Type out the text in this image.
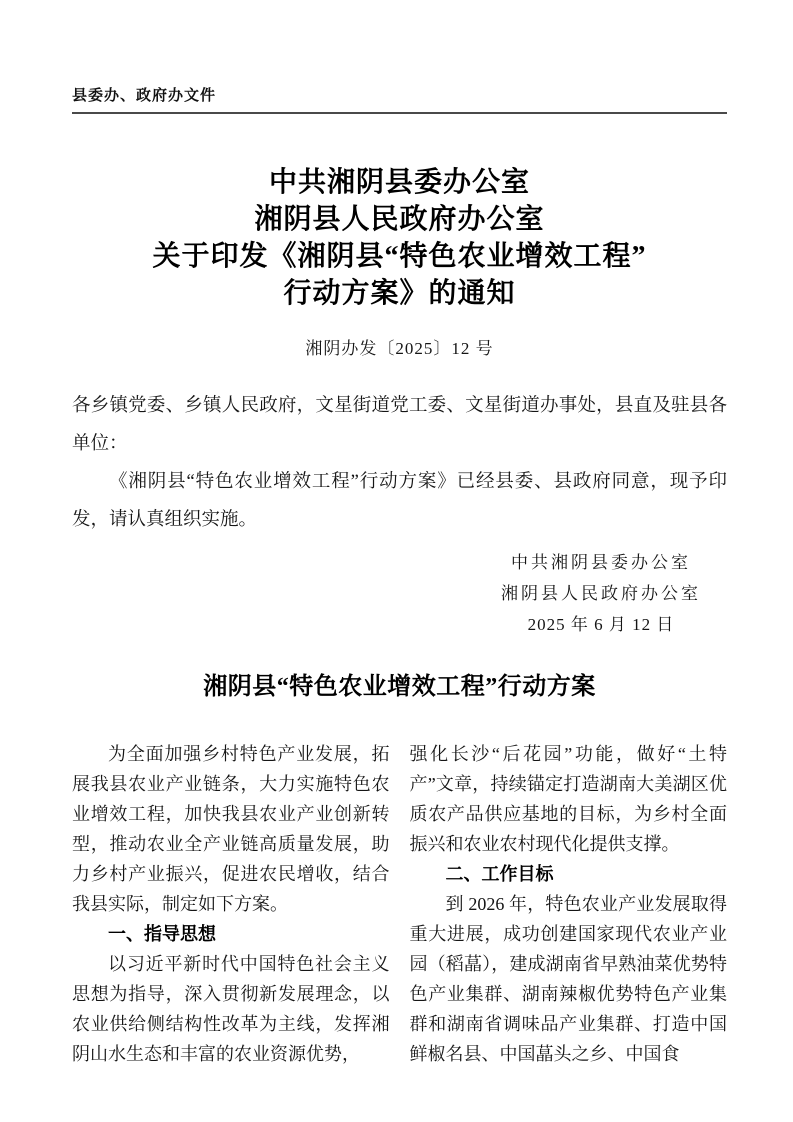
县委办、政府办文件
中共湘阴县委办公室
湘阴县人民政府办公室
关于印发《湘阴县“特色农业增效工程”
行动方案》的通知
湘阴办发〔2025〕12 号

各乡镇党委、乡镇人民政府，文星街道党工委、文星街道办事处，县直及驻县各单位：

《湘阴县“特色农业增效工程”行动方案》已经县委、县政府同意，现予印发，请认真组织实施。

中共湘阴县委办公室
湘阴县人民政府办公室
2025 年 6 月 12 日
湘阴县“特色农业增效工程”行动方案

为全面加强乡村特色产业发展，拓展我县农业产业链条，大力实施特色农业增效工程，加快我县农业产业创新转型，推动农业全产业链高质量发展，助力乡村产业振兴，促进农民增收，结合我县实际，制定如下方案。

一、指导思想

以习近平新时代中国特色社会主义思想为指导，深入贯彻新发展理念，以农业供给侧结构性改革为主线，发挥湘阴山水生态和丰富的农业资源优势，

强化长沙“后花园”功能，做好“土特产”文章，持续锚定打造湖南大美湖区优质农产品供应基地的目标，为乡村全面振兴和农业农村现代化提供支撑。

二、工作目标

到 2026 年，特色农业产业发展取得重大进展，成功创建国家现代农业产业园（稻蕌），建成湖南省早熟油菜优势特色产业集群、湖南辣椒优势特色产业集群和湖南省调味品产业集群、打造中国鲜椒名县、中国蕌头之乡、中国食
